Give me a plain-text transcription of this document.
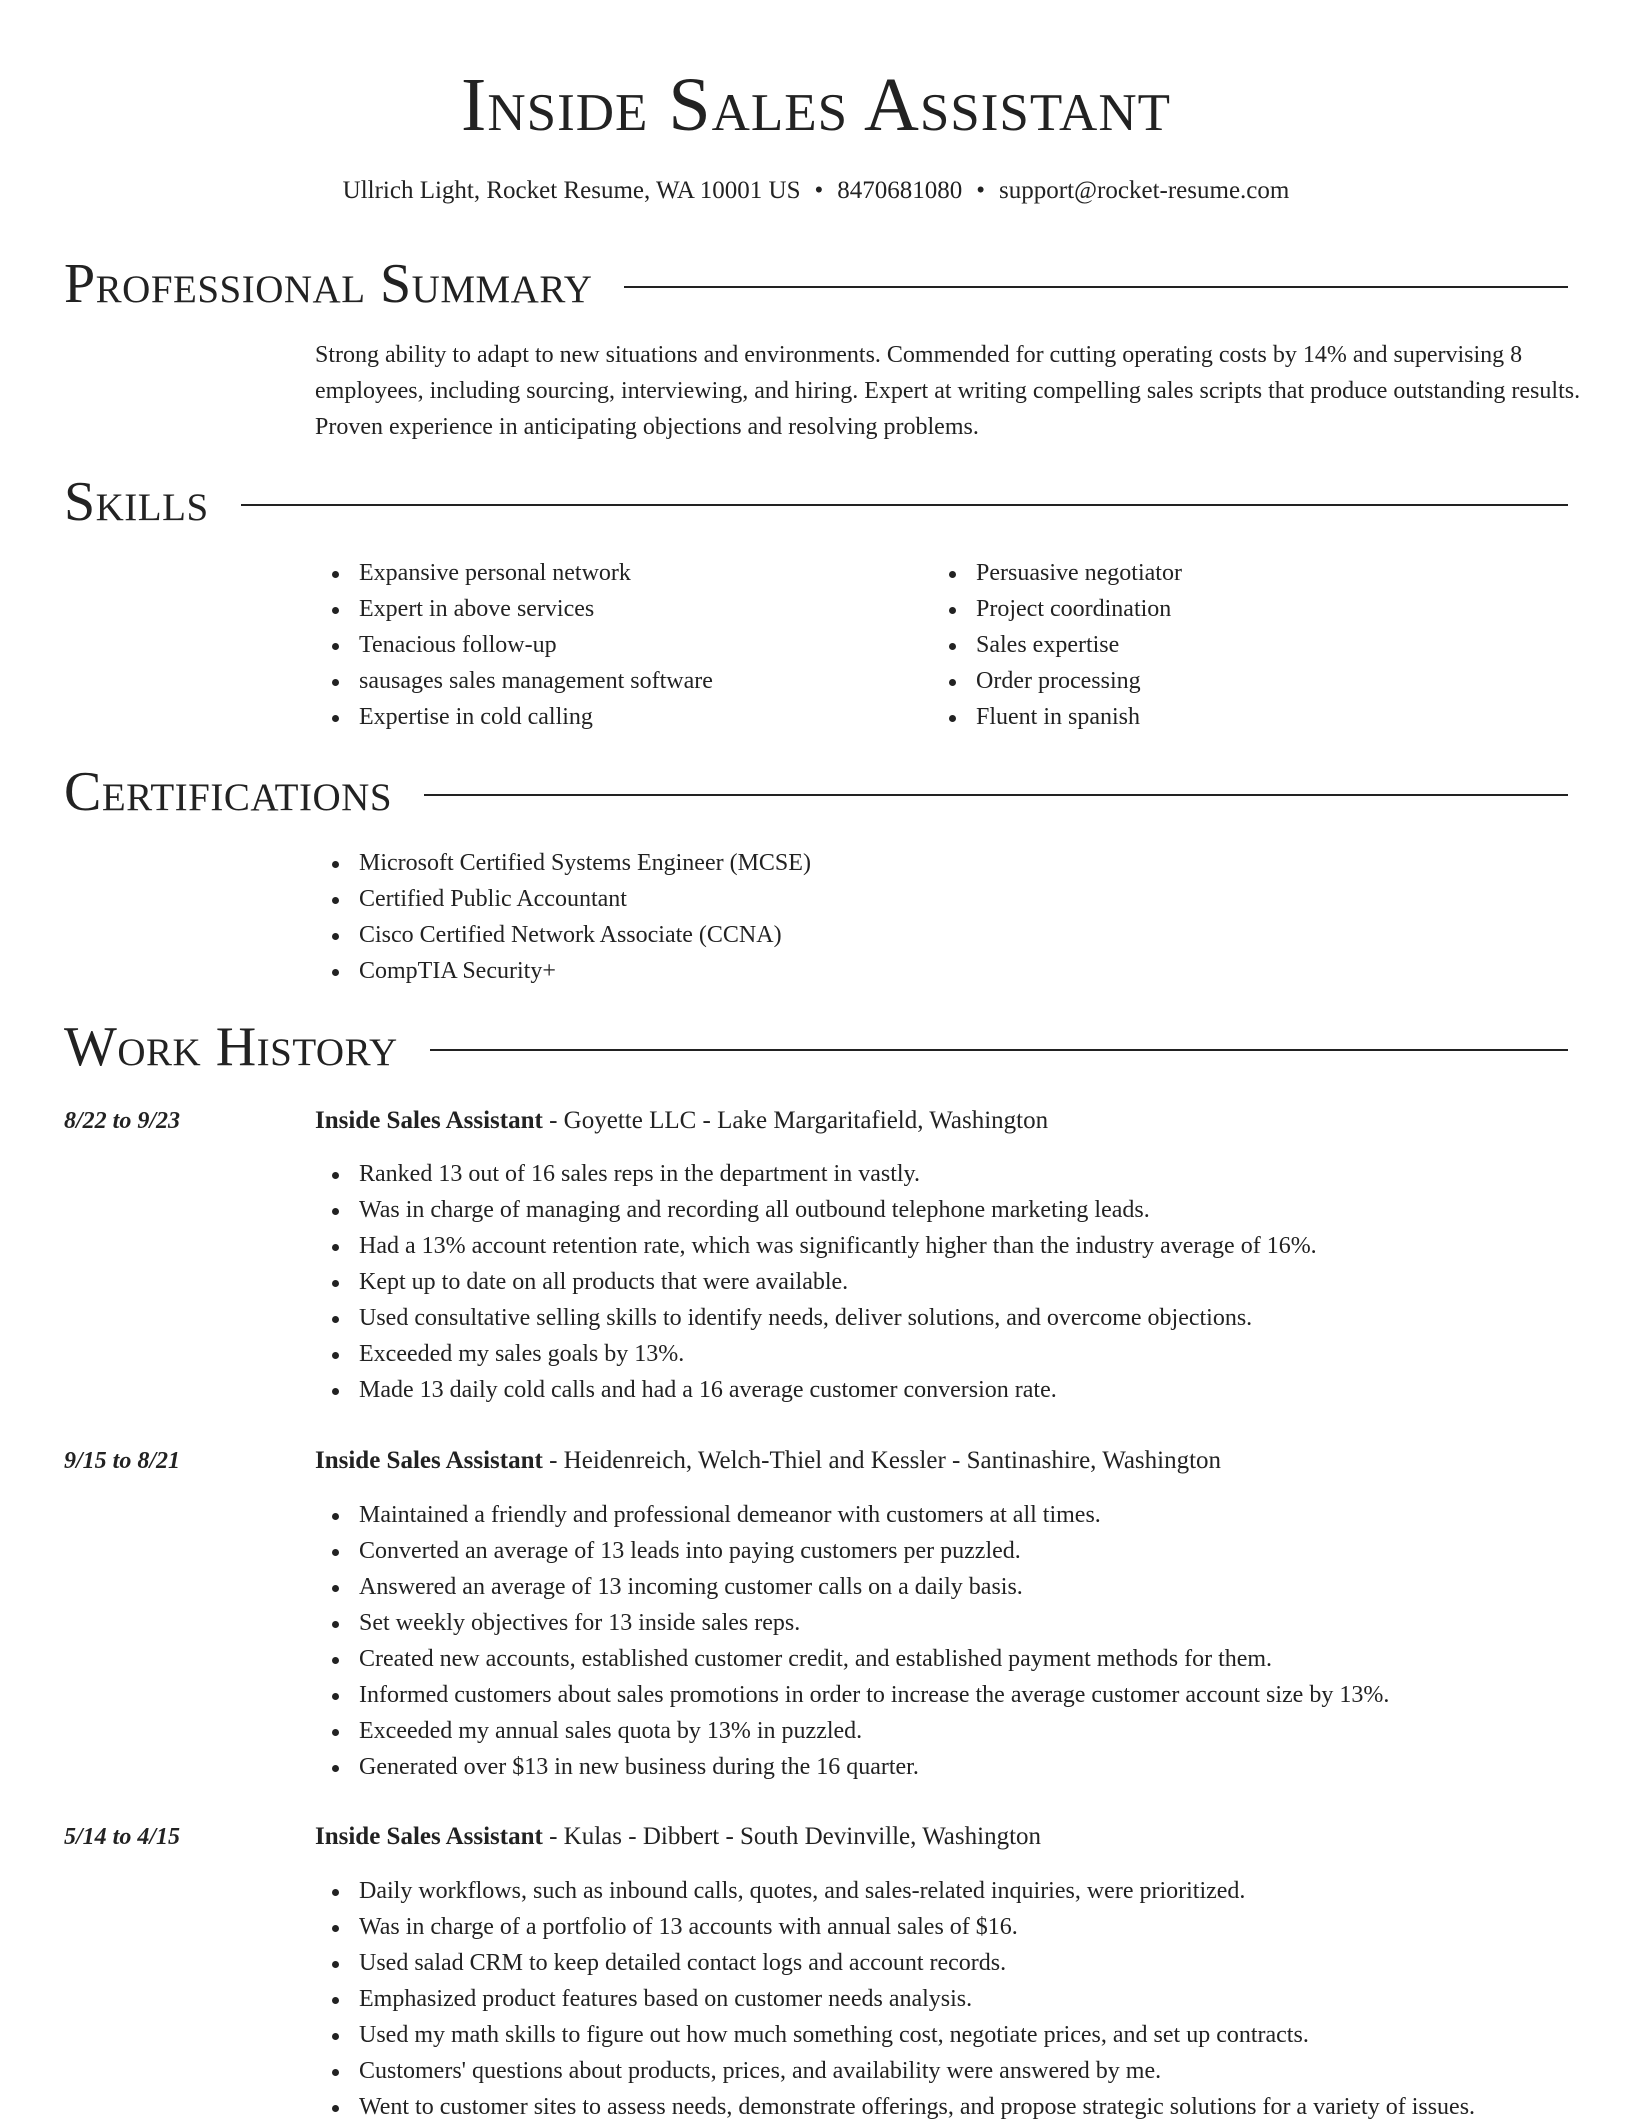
Inside Sales Assistant
Ullrich Light, Rocket Resume, WA 10001 US • 8470681080 • support@rocket-resume.com
Professional Summary
Strong ability to adapt to new situations and environments. Commended for cutting operating costs by 14% and supervising 8 employees, including sourcing, interviewing, and hiring. Expert at writing compelling sales scripts that produce outstanding results. Proven experience in anticipating objections and resolving problems.
Skills
Expansive personal network
Expert in above services
Tenacious follow-up
sausages sales management software
Expertise in cold calling
Persuasive negotiator
Project coordination
Sales expertise
Order processing
Fluent in spanish
Certifications
Microsoft Certified Systems Engineer (MCSE)
Certified Public Accountant
Cisco Certified Network Associate (CCNA)
CompTIA Security+
Work History
8/22 to 9/23	Inside Sales Assistant - Goyette LLC - Lake Margaritafield, Washington
Ranked 13 out of 16 sales reps in the department in vastly.
Was in charge of managing and recording all outbound telephone marketing leads.
Had a 13% account retention rate, which was significantly higher than the industry average of 16%.
Kept up to date on all products that were available.
Used consultative selling skills to identify needs, deliver solutions, and overcome objections.
Exceeded my sales goals by 13%.
Made 13 daily cold calls and had a 16 average customer conversion rate.
9/15 to 8/21	Inside Sales Assistant - Heidenreich, Welch-Thiel and Kessler - Santinashire, Washington
Maintained a friendly and professional demeanor with customers at all times.
Converted an average of 13 leads into paying customers per puzzled.
Answered an average of 13 incoming customer calls on a daily basis.
Set weekly objectives for 13 inside sales reps.
Created new accounts, established customer credit, and established payment methods for them.
Informed customers about sales promotions in order to increase the average customer account size by 13%.
Exceeded my annual sales quota by 13% in puzzled.
Generated over $13 in new business during the 16 quarter.
5/14 to 4/15	Inside Sales Assistant - Kulas - Dibbert - South Devinville, Washington
Daily workflows, such as inbound calls, quotes, and sales-related inquiries, were prioritized.
Was in charge of a portfolio of 13 accounts with annual sales of $16.
Used salad CRM to keep detailed contact logs and account records.
Emphasized product features based on customer needs analysis.
Used my math skills to figure out how much something cost, negotiate prices, and set up contracts.
Customers' questions about products, prices, and availability were answered by me.
Went to customer sites to assess needs, demonstrate offerings, and propose strategic solutions for a variety of issues.
